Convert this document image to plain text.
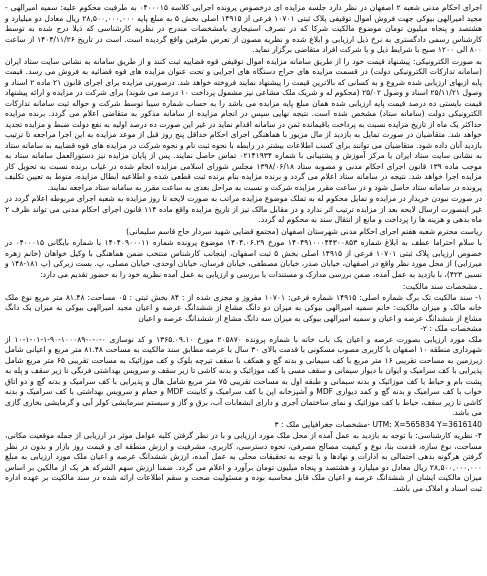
اجرای احکام مدنی شعبه ۲ اصفهان در نظر دارد جلسه مزایده ای درخصوص پرونده اجرایی کلاسه ۰۴۰۰۰۱۵ به طرفیت محکوم علیه: سمیه امیرالهی - مجید امیرالهی بیوکی جهت فروش اموال توقیفی پلاک ثبتی ۱۰۷۰۱ فرعی از ۱۴۹۱۵ اصلی بخش ۵ به مبلغ پایه ۲۸,۵۰۰,۰۰۰,۰۰۰ ریال معادل دو میلیارد و هشتصد و پنجاه میلیون تومان موضوع مالکیت شرکا که در تصرف استیجاری بامشخصات مندرج در نظریه کارشناسی که ذیلا درج شده به توسط کارشناس رسمی دادگستری به نرخ ذیل ارزیابی و ابلاغ شده و نظریه مصون از تعرض طرفین واقع گردیده است. است در تاریخ ۱۴۰۴/۱۱/۲۶ از ساعت ۸۰۰ الی ۱۲۰۰ صبح با شرایط ذیل و با شرکت افراد متقاضی برگزار نماید.

به صورت الکترونیکی: پیشنهاد قیمت خود را از طریق سامانه مزایده اموال توقیفی قوه قضاییه ثبت کنند و از طریق سامانه به نشانی سایت ستاد ایران (سامانه تدارکات الکترونیکی دولت) در قسمت مزایده های حراج دستگاه های اجرایی و تحت عنوان مزایده های قوه قضائیه به فروش می رسد. قیمت پایه ازبهای ارزیابی شده شروع و به کسانی که بالاترین قیمت را پیشنهاد نمایند فروخته خواهد شد. درصورتی مزایده برای اجرای قانون ۲۱ ماده ۲ اسناد و وصول ۲۵/۱۱/۲۱ اسناد و وصول ۲۵/۰۲ (محکوم له و شریک ملک مشاعی نیز مشمول پرداخت ۱۰ درصد می شوند) برای شرکت در مزایده و ارائه پیشنهاد قیمت بایستی ده درصد قیمت پایه ارزیابی شده همان مبلغ پایه مزایده می باشد را به حساب شماره سیبا توسط شرکت و حواله ثبت سامانه تدارکات الکترونیکی دولت (سامانه ستاد) مشخص شده است. نتیجه نهایی سپس در انجام مزایده از سامانه مذکور به متقاضی اعلام می گردد. برنده مزایده حداکثر یک ماه از تاریخ مزایده نسبت به پرداخت باقیمانده ثمن در سامانه اقدام نماید در غیر این صورت ده درصد اولیه به نفع دولت ضبط و مزایده تجدید خواهد شد. متقاضیان در صورت تمایل به بازدید از مال مزبور با هماهنگی اجرای احکام حداقل پنج روز قبل از موعد مزایده به این اجرا مراجعه تا ترتیب بازدید آنان داده شود. متقاضیان می توانند برای کسب اطلاعات بیشتر در رابطه با نحوه ثبت نام و نحوه شرکت در مزایده های قوه قضاییه به سامانه ستاد به نشانی سایت ستاد ایران یا مرکز آموزش و پشتیبانی با شماره ۰۲۱۴۱۹۳۴ تماس حاصل نمایند. پس از پایان مزایده نیز دستورالعمل سامانه ستاد به موجب ماده ۱۳۹ قانون اجرای احکام مدنی و مصوبه ستاد ۱۳۹۸/۰۶/۱۸ مجلس شورای اسلامی مزایده انجام شده در غیاب برنده نسبت به تحویل کار مزایده اجرا خواهد شد. نتیجه در سامانه ستاد اعلام می گردد و برنده مزایده بنام برنده ثبت قطعی شده و اطلاعیه ابطال مزایده، منوط به تعیین تکلیف پرونده در سامانه ستاد حاصل شود و در ساعت مقرر مزایده شرکت و نسبت به مراحل بعدی به ساعت مقرر به سامانه ستاد مراجعه نمایند.

در صورت نبودن خریدار در مزایده و تمایل محکوم له به تملک موضوع مزایده مراتب به صورت لایحه تا روز مزایده به شعبه اجرای مربوطه اعلام گردد در غیر اینصورت ارسال لایحه بعد از مزایده ترتیب اثر ندارد و در مقابل مالک نیز از تاریخ مزایده واقع ماده ۱۱۴ قانون اجرای احکام مدنی می تواند ظرف ۲ ماه بدهی و هزینه ها را پرداخت و مانع از انتقال سند به محکوم له گردد.

ریاست محترم شعبه هفتم اجرای احکام مدنی شهرستان اصفهان (مجتمع قضایی شهید سردار حاج قاسم سلیمانی)

با سلام احتراما عطف به ابلاغ شماره ۱۴۰۴۹۱۰۰۰۴۴۳۰۰۸۵۳ مورخ ۱۴۰۴.۰۶.۲۹ موضوع پرونده شماره ۱۴۰۴۰۹۰۰۰۱۱ با شماره بایگانی ۰۴۰۰۰۱۵ در خصوص ارزیابی پلاک ثبتی ۱۰۷۰۱ فرعی از ۱۴۹۱۵ اصلی بخش ۵ ثبت اصفهان، اینجانب کارشناس منتخب ضمن هماهنگی با وکیل خواهان (خانم زهره میرزایی) از محل مورد نظر واقع در اصفهان، خیابان صدر، خیابان مصطفی، خیابان فرسان، خیابان اوحدی، خیابان مصلی، پ. بست زبرکی (پ ۱۸۱-۱۴۸ و نسبی ۴۲۳)، با بازدید به عمل آمده، ضمن بررسی مدارک و مستندات با بررسی و ارزیابی به عمل آمده نظریه خود را به حضور تقدیم می دارد:

ـ مشخصات سند مالکیت:

۱- سند مالکیت تک برگ شماره اصلی: ۱۴۹۱۵ شماره فرعی: ۱۰۷۰۱ مفروز و مجزی شده از : ۸۴ بخش ثبتی : ۰۵ مساحت: ۸۱.۴۸ متر مربع نوع ملک خانه مالک و میزان مالکیت: خانم سمیه امیرالهی بیوکی به میزان دو دانگ مشاع از ششدانگ عرصه و اعیان مجید امیرالهی بیوکی به میزان یک دانگ مشاع از ششدانگ عرصه و اعیان و سمیه امیرالهی بیوکی به میزان سه دانگ مشاع از ششدانگ عرصه و اعیان

مشخصات ملک : ۲-

ملک مورد ارزیابی بصورت عرصه و اعیان یک باب خانه با شماره پرونده ۲۰۵۸۷۰ مورخ ۱۳۶۵.۰۹.۱۰ و کد نوسازی ۰-۰-۰-۱۰۰۰۸۹-۹۰-۱-۰۱-۱-۱۰ از شهرداری منطقه ۱۰ اصفهان با کاربری مصوب مسکونی با قدمت بالای ۳۰ سال با عرصه مطابق سند مالکیت به مساحت ۸۱.۴۸ متر مربع و اعیانی شامل زیرزمین به مساحت تقریبی ۱۶ متر مربع با کف سیمانی و بدنه گچ و همکف با سقف تیرچه بلوک و کف موزائیک به مساحت تقریبی ۶۵ متر مربع شامل پذیرایی با کف سرامیک و ایوان با دیوار سیمانی و سقف مسی با کف موزائیک و بدنه کاشی تا زیر سقف و سرویس بهداشتی فرنگی تا زیر سقف و پله به پشت بام و حیاط با کف موزائیک و بدنه سیمانی و طبقه اول به مساحت تقریبی ۷۵ متر مربع شامل هال و پذیرایی با کف سرامیک و بدنه گچ و دو اتاق خواب با کف سرامیک و بدنه گچ و کمد دیواری MDF و آشپزخانه اپن با کف سرامیک و کابینت MDF و حمام و سرویس بهداشتی با کف سرامیک و بدنه کاشی تا زیر سقف، حیاط با کف موزائیک و نمای ساختمان آجری و دارای انشعابات آب، برق و گاز و سیستم سرمایشی کولر آبی و گرمایشی بخاری گازی می باشد.

UTM: X=565834 Y=3616140 -مشخصات جغرافیایی ملک : ۳

۴- نظریه کارشناسی: با توجه به بازدید به عمل آمده از محل ملک مورد ارزیابی و با در نظر گرفتن کلیه عوامل موثر در ارزیابی از جمله موقعیت مکانی، مساحت، نوع سازه، قدمت بنا، نوع و کیفیت مصالح مصرفی، نحوه دسترسی، کاربری، مشرفیت و ارزش منطقه ای و قیمت روز بازار و بدون در نظر گرفتن هرگونه بدهی احتمالی به ادارات و نهادها و با توجه به تحقیقات محلی به عمل آمده، ارزش ششدانگ عرصه و اعیان ملک مورد ارزیابی به مبلغ ۲۸,۵۰۰,۰۰۰,۰۰۰ ریال معادل دو میلیارد و هشتصد و پنجاه میلیون تومان برآورد و اعلام می گردد. ضمنا ارزش سهم الشرکه هر یک از مالکین بر اساس میزان مالکیت ایشان از ششدانگ عرصه و اعیان ملک قابل محاسبه بوده و مسئولیت صحت و سقم اطلاعات ارائه شده در سند مالکیت بر عهده اداره ثبت اسناد و املاک می باشد.
